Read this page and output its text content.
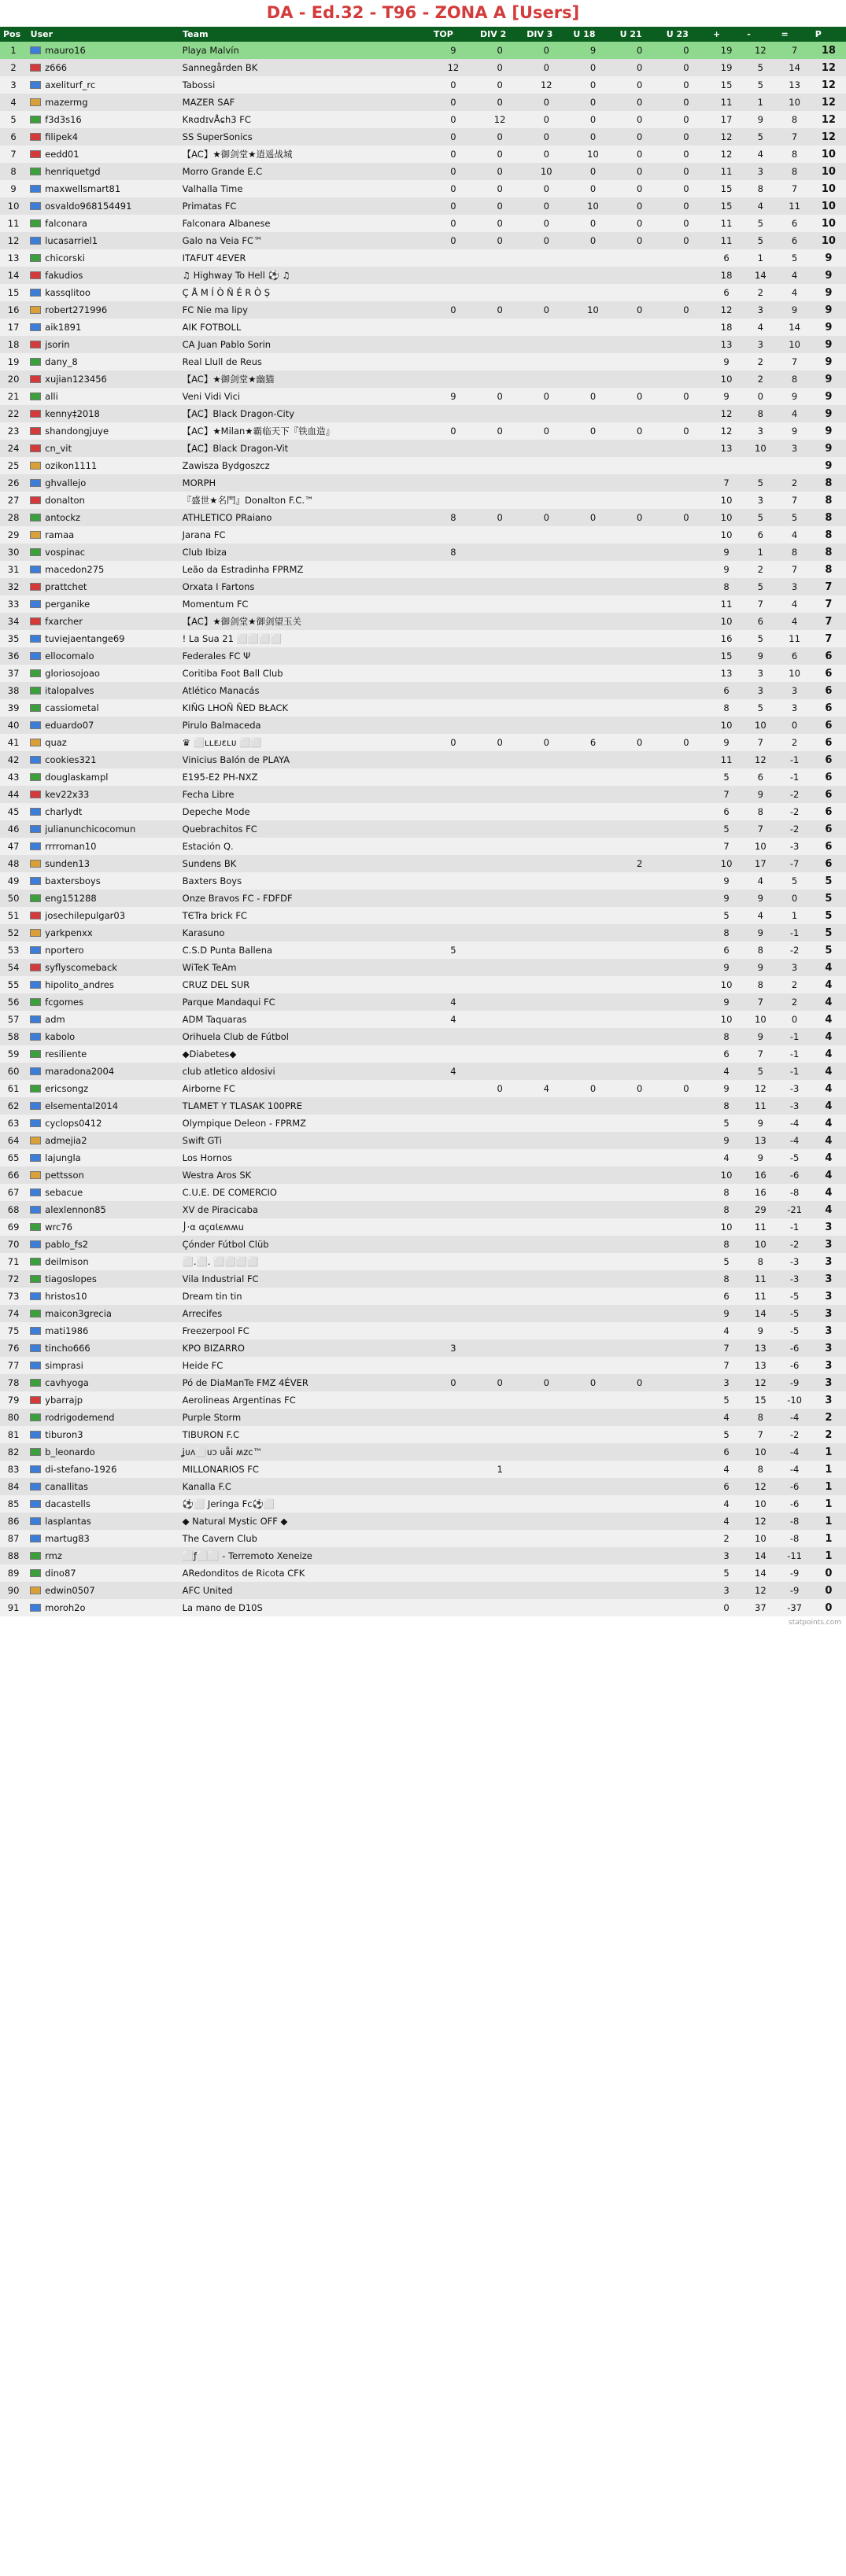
DA - Ed.32 - T96 - ZONA A [Users]
Pos	User	Team	TOP	DIV 2	DIV 3	U 18	U 21	U 23	+	-	=	P
1	mauro16	Playa Malvín	9	0	0	9	0	0	19	12	7	18
2	z666	Sannegården BK	12	0	0	0	0	0	19	5	14	12
3	axeliturf_rc	Tabossi	0	0	12	0	0	0	15	5	13	12
4	mazermg	MAZER SAF	0	0	0	0	0	0	11	1	10	12
5	f3d3s16	KʀɑdɪvÅɕh3 FC	0	12	0	0	0	0	17	9	8	12
6	filipek4	SS SuperSonics	0	0	0	0	0	0	12	5	7	12
7	eedd01	【AC】★御剑堂★逍遥战城	0	0	0	10	0	0	12	4	8	10
8	henriquetgd	Morro Grande E.C	0	0	10	0	0	0	11	3	8	10
9	maxwellsmart81	Valhalla Time	0	0	0	0	0	0	15	8	7	10
10	osvaldo968154491	Primatas FC	0	0	0	10	0	0	15	4	11	10
11	falconara	Falconara Albanese	0	0	0	0	0	0	11	5	6	10
12	lucasarriel1	Galo na Veia FC™	0	0	0	0	0	0	11	5	6	10
13	chicorski	ITAFUT 4EVER							6	1	5	9
14	fakudios	♫ Highway To Hell ⚽ ♫							18	14	4	9
15	kassqlitoo	Ç Å M Í Ò Ñ É R Ò Ș							6	2	4	9
16	robert271996	FC Nie ma lipy	0	0	0	10	0	0	12	3	9	9
17	aik1891	AIK FOTBOLL							18	4	14	9
18	jsorin	CA Juan Pablo Sorin							13	3	10	9
19	dany_8	Real Llull de Reus							9	2	7	9
20	xujian123456	【AC】★御剑堂★幽猫							10	2	8	9
21	alli	Veni Vidi Vici	9	0	0	0	0	0	9	0	9	9
22	kenny‡2018	【AC】Black Dragon-City							12	8	4	9
23	shandongjuye	【AC】★Milan★霸临天下『铁血造』	0	0	0	0	0	0	12	3	9	9
24	cn_vit	【AC】Black Dragon-Vit							13	10	3	9
25	ozikon1111	Zawisza Bydgoszcz										9
26	ghvallejo	MORPH							7	5	2	8
27	donalton	『盛世★名門』Donalton F.C.™							10	3	7	8
28	antockz	ATHLETICO PRaiano	8	0	0	0	0	0	10	5	5	8
29	ramaa	Jarana FC							10	6	4	8
30	vospinac	Club Ibiza	8						9	1	8	8
31	macedon275	Leão da Estradinha FPRMZ							9	2	7	8
32	prattchet	Orxata I Fartons							8	5	3	7
33	perganike	Momentum FC							11	7	4	7
34	fxarcher	【AC】★御剑堂★御剑望玉关							10	6	4	7
35	tuviejaentange69	! La Sua 21 ⬜⬜⬜⬜							16	5	11	7
36	ellocomalo	Federales FC Ψ							15	9	6	6
37	gloriosojoao	Coritiba Foot Ball Club							13	3	10	6
38	italopalves	Atlético Manacás							6	3	3	6
39	cassiometal	KIÑG LHOÑ ÑED BŁACK							8	5	3	6
40	eduardo07	Pirulo Balmaceda							10	10	0	6
41	quaz	♛ ⬜ʟʟᴇᴊɛʟᴜ ⬜⬜	0	0	0	6	0	0	9	7	2	6
42	cookies321	Vinicius Balón de PLAYA							11	12	-1	6
43	douglaskampl	E195-E2 PH-NXZ							5	6	-1	6
44	kev22x33	Fecha Libre							7	9	-2	6
45	charlydt	Depeche Mode							6	8	-2	6
46	julianunchicocomun	Quebrachitos FC							5	7	-2	6
47	rrrroman10	Estación Q.							7	10	-3	6
48	sunden13	Sundens BK					2		10	17	-7	6
49	baxtersboys	Baxters Boys							9	4	5	5
50	eng151288	Onze Bravos FC - FDFDF							9	9	0	5
51	josechilepulgar03	TЄTra brick FC							5	4	1	5
52	yarkpenxx	Karasuno							8	9	-1	5
53	nportero	C.S.D Punta Ballena	5						6	8	-2	5
54	syflyscomeback	WiTeK TeAm							9	9	3	4
55	hipolito_andres	CRUZ DEL SUR							10	8	2	4
56	fcgomes	Parque Mandaqui FC	4						9	7	2	4
57	adm	ADM Taquaras	4						10	10	0	4
58	kabolo	Orihuela Club de Fútbol							8	9	-1	4
59	resiliente	◆Diabetes◆							6	7	-1	4
60	maradona2004	club atletico aldosivi	4						4	5	-1	4
61	ericsongz	Airborne FC		0	4	0	0	0	9	12	-3	4
62	elsemental2014	TLAMET Y TLASAK 100PRE							8	11	-3	4
63	cyclops0412	Olympique Deleon - FPRMZ							5	9	-4	4
64	admejia2	Swift GTi							9	13	-4	4
65	lajungla	Los Hornos							4	9	-5	4
66	pettsson	Westra Aros SK							10	16	-6	4
67	sebacue	C.U.E. DE COMERCIO							8	16	-8	4
68	alexlennon85	XV de Piracicaba							8	29	-21	4
69	wrc76	⌡·α ɑçɑƖєʍʍu							10	11	-1	3
70	pablo_fs2	Çónder Fútbol Clüb							8	10	-2	3
71	deilmison	⬜.⬜. ⬜⬜⬜⬜							5	8	-3	3
72	tiagoslopes	Vila Industrial FC							8	11	-3	3
73	hristos10	Dream tin tin							6	11	-5	3
74	maicon3grecia	Arrecifes							9	14	-5	3
75	mati1986	Freezerpool FC							4	9	-5	3
76	tincho666	KPO BIZARRO	3						7	13	-6	3
77	simprasi	Heide FC							7	13	-6	3
78	cavhyoga	Pó de DiaManTe FMZ 4ÉVER	0	0	0	0	0		3	12	-9	3
79	ybarrajp	Aerolineas Argentinas FC							5	15	-10	3
80	rodrigodemend	Purple Storm							4	8	-4	2
81	tiburon3	TIBURON F.C							5	7	-2	2
82	b_leonardo	ʝᴜʌ⬜ᴜɔ ᴜǟi ʍᴢᴄ™							6	10	-4	1
83	di-stefano-1926	MILLONARIOS FC		1					4	8	-4	1
84	canallitas	Kanalla F.C							6	12	-6	1
85	dacastells	⚽⬜ Jeringa Fc⚽⬜							4	10	-6	1
86	lasplantas	◆ Natural Mystic OFF ◆							4	12	-8	1
87	martug83	The Cavern Club							2	10	-8	1
88	rmz	⬜ƒ⬜⬜ - Terremoto Xeneize							3	14	-11	1
89	dino87	ARedonditos de Ricota CFK							5	14	-9	0
90	edwin0507	AFC United							3	12	-9	0
91	moroh2o	La mano de D10S							0	37	-37	0
statpoints.com
